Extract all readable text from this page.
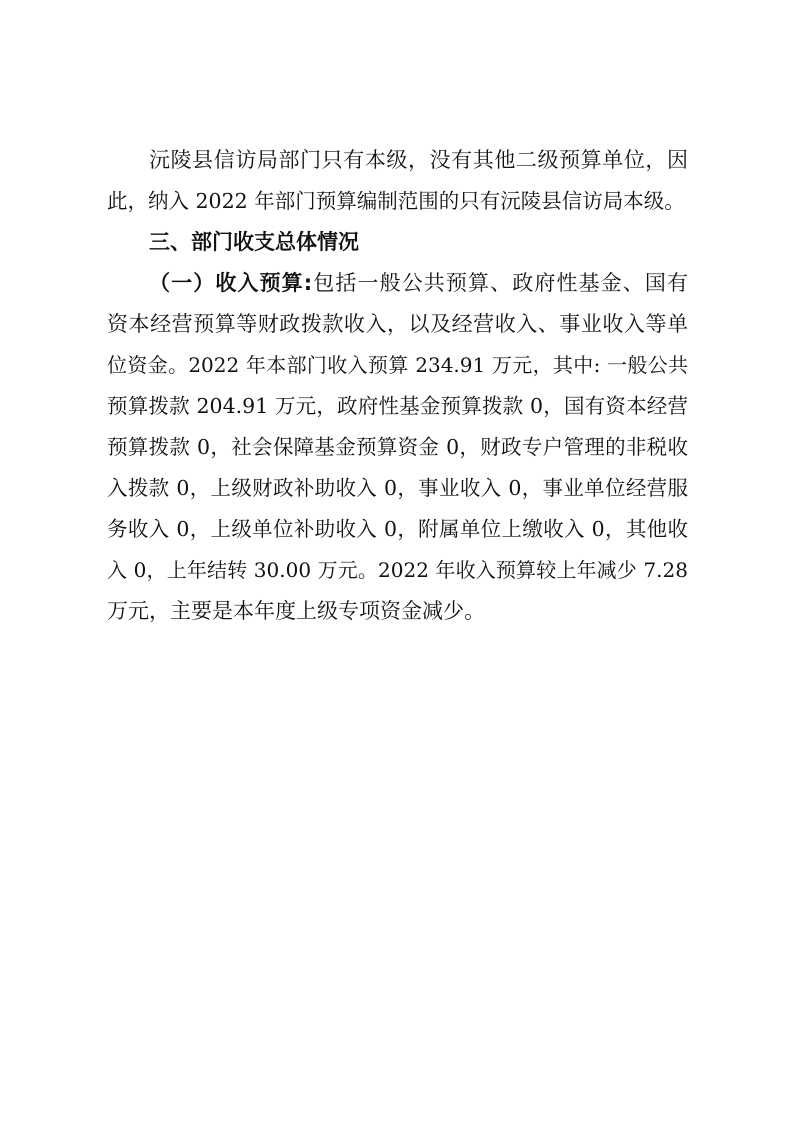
沅陵县信访局部门只有本级，没有其他二级预算单位，因

此，纳入 2022 年部门预算编制范围的只有沅陵县信访局本级。

三、部门收支总体情况

（一）收入预算:包括一般公共预算、政府性基金、国有

资本经营预算等财政拨款收入，以及经营收入、事业收入等单

位资金。2022 年本部门收入预算 234.91 万元，其中: 一般公共

预算拨款 204.91 万元，政府性基金预算拨款 0，国有资本经营

预算拨款 0，社会保障基金预算资金 0，财政专户管理的非税收

入拨款 0，上级财政补助收入 0，事业收入 0，事业单位经营服

务收入 0，上级单位补助收入 0，附属单位上缴收入 0，其他收

入 0，上年结转 30.00 万元。2022 年收入预算较上年减少 7.28

万元，主要是本年度上级专项资金减少。
